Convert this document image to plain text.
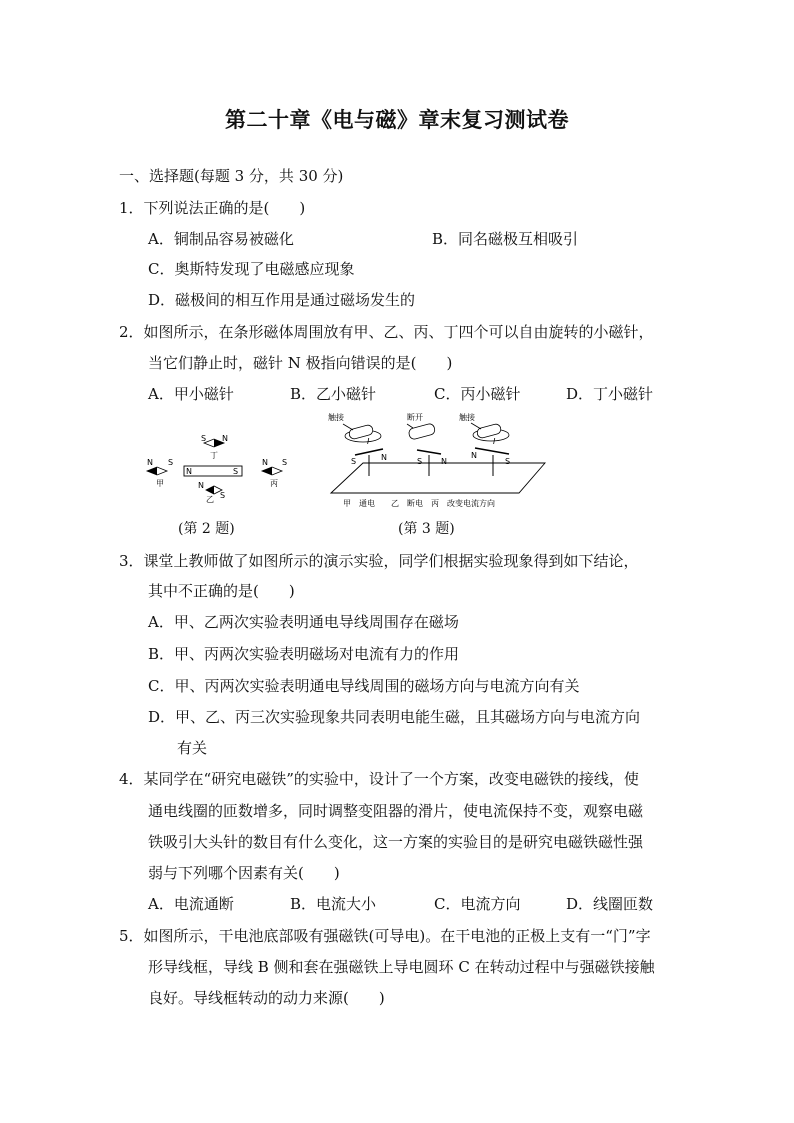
第二十章《电与磁》章末复习测试卷
一、选择题(每题 3 分，共 30 分)
1．下列说法正确的是(　　)
A．铜制品容易被磁化	B．同名磁极互相吸引
C．奥斯特发现了电磁感应现象
D．磁极间的相互作用是通过磁场发生的
2．如图所示，在条形磁体周围放有甲、乙、丙、丁四个可以自由旋转的小磁针，
当它们静止时，磁针 N 极指向错误的是(　　)
A．甲小磁针	B．乙小磁针	C．丙小磁针	D．丁小磁针
S N
丁
N	S
N S
甲
N S
丙
N
S
乙
(第 2 题)
触接	断开	触接
I
S	N	S N
I
N
S
甲　通电　　乙　断电　丙　改变电流方向
(第 3 题)
3．课堂上教师做了如图所示的演示实验，同学们根据实验现象得到如下结论，
其中不正确的是(　　)
A．甲、乙两次实验表明通电导线周围存在磁场
B．甲、丙两次实验表明磁场对电流有力的作用
C．甲、丙两次实验表明通电导线周围的磁场方向与电流方向有关
D．甲、乙、丙三次实验现象共同表明电能生磁，且其磁场方向与电流方向
有关
4．某同学在“研究电磁铁”的实验中，设计了一个方案，改变电磁铁的接线，使
通电线圈的匝数增多，同时调整变阻器的滑片，使电流保持不变，观察电磁
铁吸引大头针的数目有什么变化，这一方案的实验目的是研究电磁铁磁性强
弱与下列哪个因素有关(　　)
A．电流通断	B．电流大小	C．电流方向	D．线圈匝数
5．如图所示，干电池底部吸有强磁铁(可导电)。在干电池的正极上支有一“门”字
形导线框，导线 B 侧和套在强磁铁上导电圆环 C 在转动过程中与强磁铁接触
良好。导线框转动的动力来源(　　)
